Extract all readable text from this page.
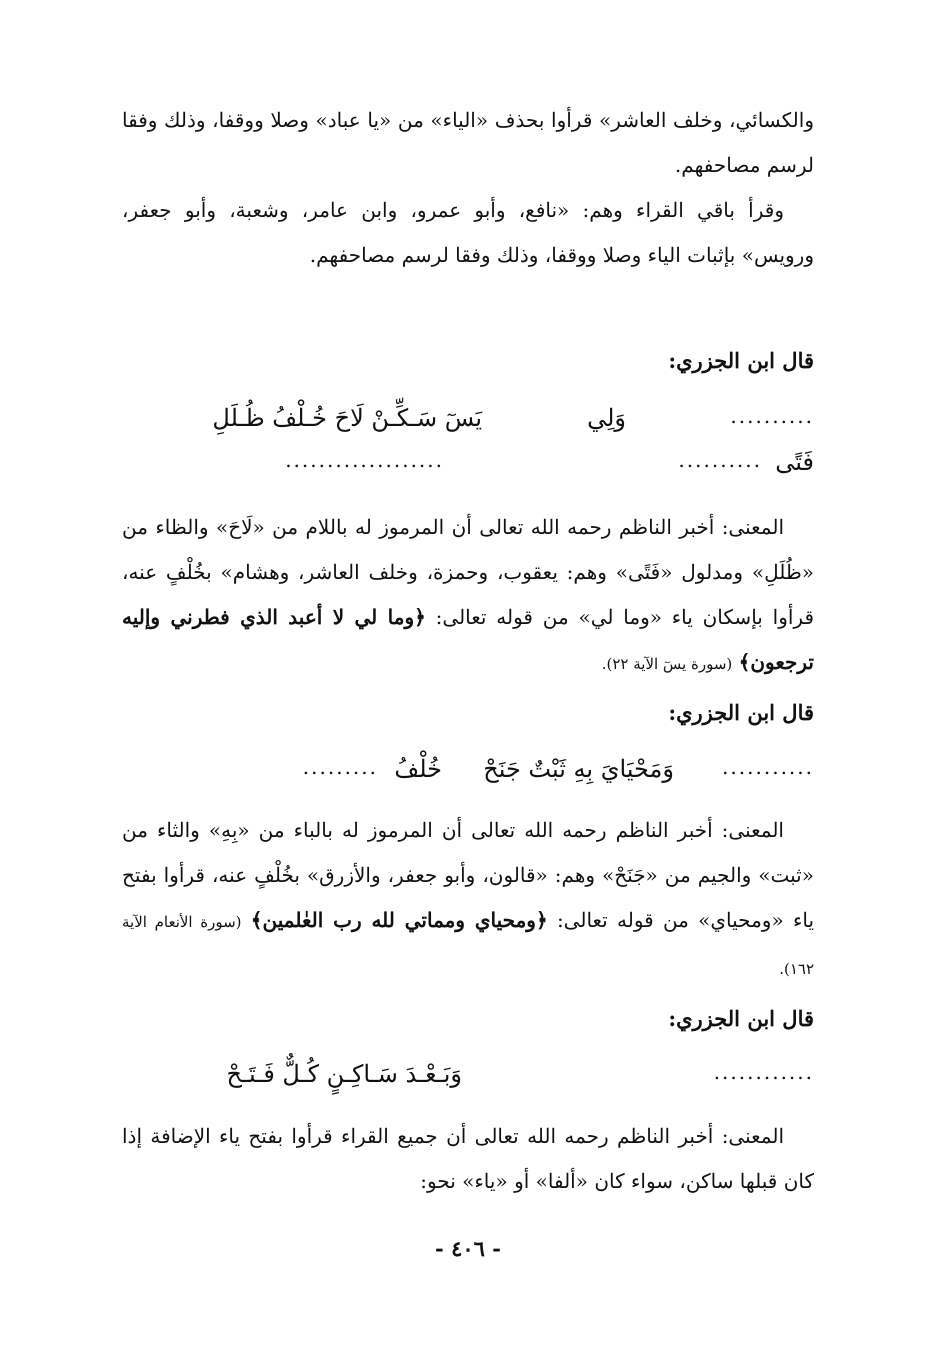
والكسائي، وخلف العاشر» قرأوا بحذف «الياء» من «يا عباد» وصلا ووقفا، وذلك وفقا لرسم مصاحفهم.

وقرأ باقي القراء وهم: «نافع، وأبو عمرو، وابن عامر، وشعبة، وأبو جعفر، ورويس» بإثبات الياء وصلا ووقفا، وذلك وفقا لرسم مصاحفهم.

قال ابن الجزري:

..........
وَلِي
يَسٓ سَـكِّـنْ لَاحَ خُـلْفُ ظُـلَلِ
فَتًى
..........
...................

المعنى: أخبر الناظم رحمه الله تعالى أن المرموز له باللام من «لَاحَ» والظاء من «ظُلَلِ» ومدلول «فَتًى» وهم: يعقوب، وحمزة، وخلف العاشر، وهشام» بخُلْفٍ عنه، قرأوا بإسكان ياء «وما لي» من قوله تعالى: ﴿وما لي لا أعبد الذي فطرني وإليه ترجعون﴾ (سورة يسٓ الآية ٢٢).

قال ابن الجزري:

...........
وَمَحْيَايَ بِهِ ثَبْتٌ جَنَحْ
خُلْفُ
.........

المعنى: أخبر الناظم رحمه الله تعالى أن المرموز له بالباء من «بِهِ» والثاء من «ثبت» والجيم من «جَنَحْ» وهم: «قالون، وأبو جعفر، والأزرق» بخُلْفٍ عنه، قرأوا بفتح ياء «ومحياي» من قوله تعالى: ﴿ومحياي ومماتي لله رب العٰلمين﴾ (سورة الأنعام الآية ١٦٢).

قال ابن الجزري:

............
وَبَـعْـدَ سَـاكِـنٍ كُـلٌّ فَـتَـحْ

المعنى: أخبر الناظم رحمه الله تعالى أن جميع القراء قرأوا بفتح ياء الإضافة إذا كان قبلها ساكن، سواء كان «ألفا» أو «ياء» نحو:

- ٤٠٦ -
